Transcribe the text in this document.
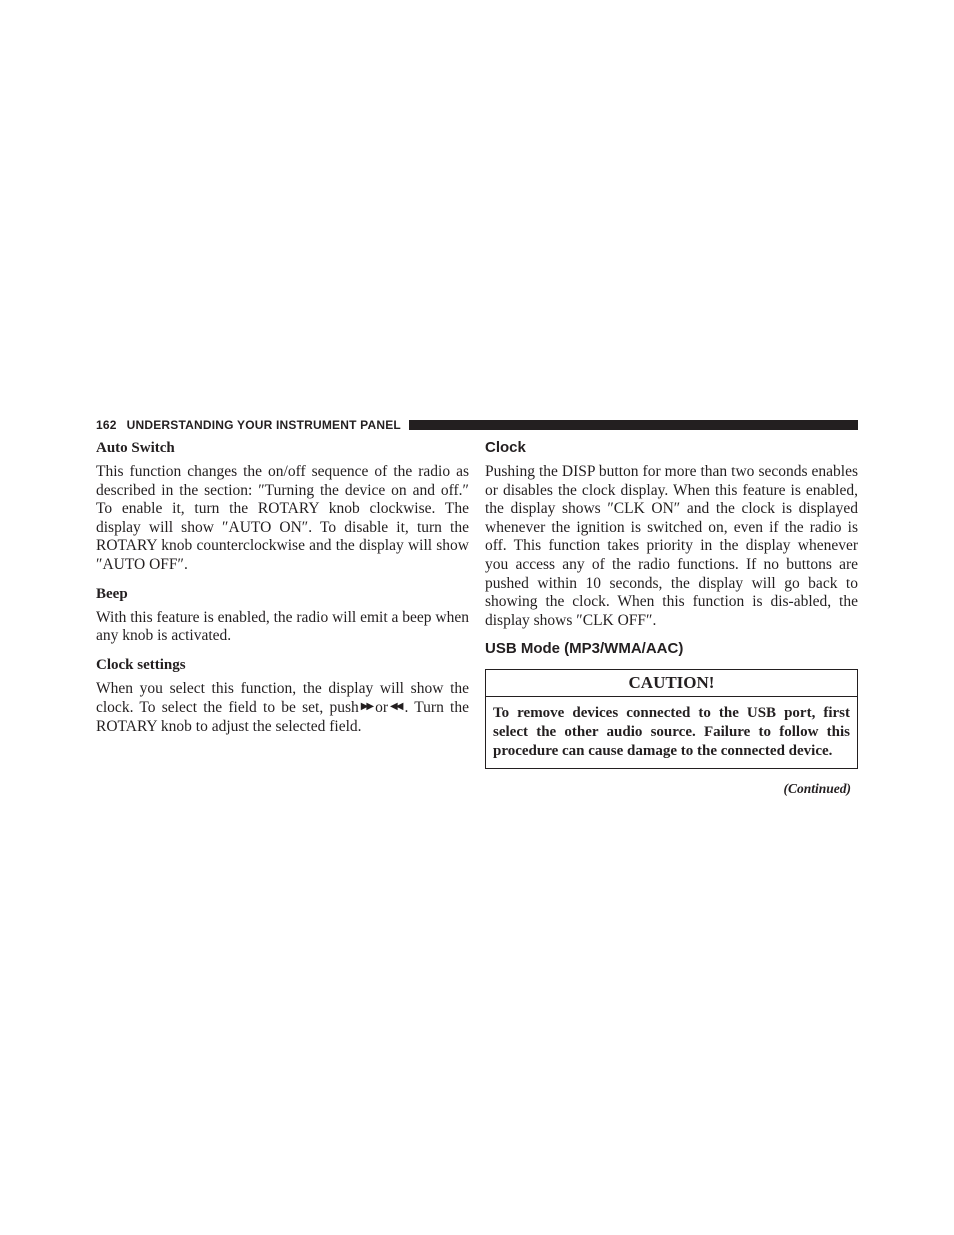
162 UNDERSTANDING YOUR INSTRUMENT PANEL
Auto Switch

This function changes the on/off sequence of the radio as described in the section: ″Turning the device on and off.″ To enable it, turn the ROTARY knob clockwise. The display will show ″AUTO ON″. To disable it, turn the ROTARY knob counterclockwise and the display will show ″AUTO OFF″.

Beep

With this feature is enabled, the radio will emit a beep when any knob is activated.

Clock settings

When you select this function, the display will show the clock. To select the field to be set, push ▶▶ or ◀◀ . Turn the ROTARY knob to adjust the selected field.

Clock

Pushing the DISP button for more than two seconds enables or disables the clock display. When this feature is enabled, the display shows ″CLK ON″ and the clock is displayed whenever the ignition is switched on, even if the radio is off. This function takes priority in the display whenever you access any of the radio functions. If no buttons are pushed within 10 seconds, the display will go back to showing the clock. When this function is dis-abled, the display shows ″CLK OFF″.

USB Mode (MP3/WMA/AAC)
CAUTION!
To remove devices connected to the USB port, first select the other audio source. Failure to follow this procedure can cause damage to the connected device.
(Continued)
